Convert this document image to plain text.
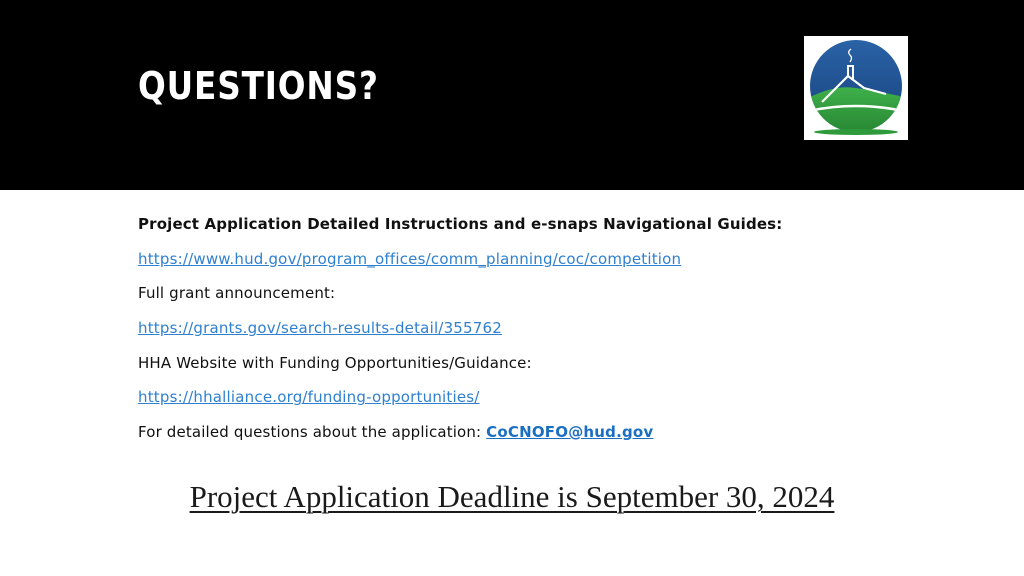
QUESTIONS?
Project Application Detailed Instructions and e-snaps Navigational Guides:
https://www.hud.gov/program_offices/comm_planning/coc/competition
Full grant announcement:
https://grants.gov/search-results-detail/355762
HHA Website with Funding Opportunities/Guidance:
https://hhalliance.org/funding-opportunities/
For detailed questions about the application: CoCNOFO@hud.gov
Project Application Deadline is September 30, 2024
